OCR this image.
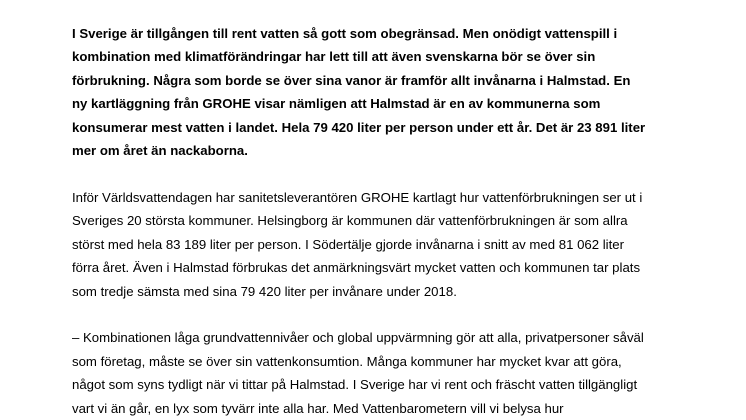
I Sverige är tillgången till rent vatten så gott som obegränsad. Men onödigt vattenspill i
kombination med klimatförändringar har lett till att även svenskarna bör se över sin
förbrukning. Några som borde se över sina vanor är framför allt invånarna i Halmstad. En
ny kartläggning från GROHE visar nämligen att Halmstad är en av kommunerna som
konsumerar mest vatten i landet. Hela 79 420 liter per person under ett år. Det är 23 891 liter
mer om året än nackaborna.
Inför Världsvattendagen har sanitetsleverantören GROHE kartlagt hur vattenförbrukningen ser ut i
Sveriges 20 största kommuner. Helsingborg är kommunen där vattenförbrukningen är som allra
störst med hela 83 189 liter per person. I Södertälje gjorde invånarna i snitt av med 81 062 liter
förra året. Även i Halmstad förbrukas det anmärkningsvärt mycket vatten och kommunen tar plats
som tredje sämsta med sina 79 420 liter per invånare under 2018.
– Kombinationen låga grundvattennivåer och global uppvärmning gör att alla, privatpersoner såväl
som företag, måste se över sin vattenkonsumtion. Många kommuner har mycket kvar att göra,
något som syns tydligt när vi tittar på Halmstad. I Sverige har vi rent och fräscht vatten tillgängligt
vart vi än går, en lyx som tyvärr inte alla har. Med Vattenbarometern vill vi belysa hur
